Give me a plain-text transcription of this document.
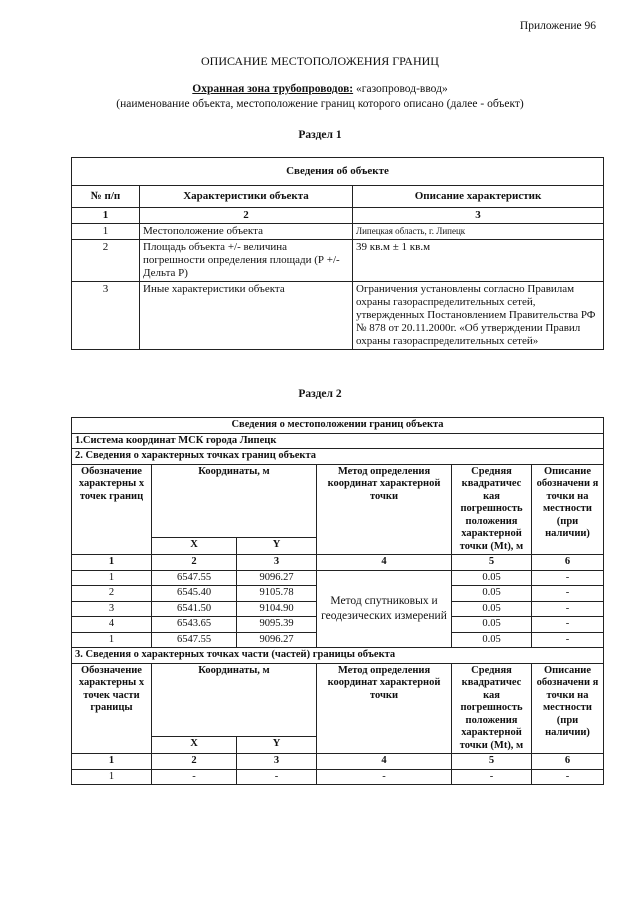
Приложение 96
ОПИСАНИЕ МЕСТОПОЛОЖЕНИЯ ГРАНИЦ
Охранная зона трубопроводов: «газопровод-ввод»
(наименование объекта, местоположение границ которого описано (далее - объект)
Раздел 1
Сведения об объекте		
№ п/п	Характеристики объекта	Описание характеристик
1	2	3
1	Местоположение объекта	Липецкая область, г. Липецк
2	Площадь объекта +/- величина погрешности определения площади (Р +/- Дельта Р)	39 кв.м ± 1 кв.м
3	Иные характеристики объекта	Ограничения установлены согласно Правилам охраны газораспределительных сетей, утвержденных Постановлением Правительства РФ № 878 от 20.11.2000г. «Об утверждении Правил охраны газораспределительных сетей»
Раздел 2
Сведения о местоположении границ объекта					
1.Система координат МСК города Липецк					
2. Сведения о характерных точках границ объекта					
Обозначение характерны х точек границ	Координаты, м		Метод определения координат характерной точки	Средняя квадратичес кая погрешность положения характерной точки (Mt), м	Описание обозначени я точки на местности (при наличии)
	X	Y			
1	2	3	4	5	6
1	6547.55	9096.27	Метод спутниковых и геодезических измерений	0.05	-
2	6545.40	9105.78		0.05	-
3	6541.50	9104.90		0.05	-
4	6543.65	9095.39		0.05	-
1	6547.55	9096.27		0.05	-
3. Сведения о характерных точках части (частей) границы объекта					
Обозначение характерны х точек части границы	Координаты, м		Метод определения координат характерной точки	Средняя квадратичес кая погрешность положения характерной точки (Mt), м	Описание обозначени я точки на местности (при наличии)
	X	Y			
1	2	3	4	5	6
1	-	-	-	-	-
